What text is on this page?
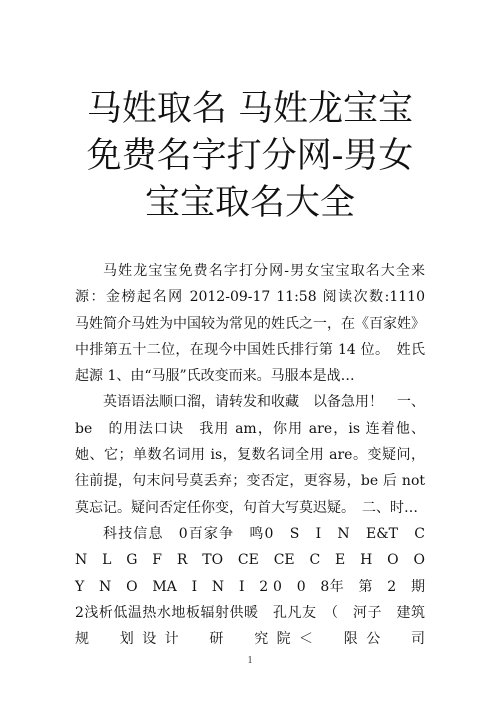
马姓取名 马姓龙宝宝免费名字打分网-男女宝宝取名大全

马姓龙宝宝免费名字打分网-男女宝宝取名大全来源：金榜起名网 2012-09-17 11:58 阅读次数:1110　马姓简介马姓为中国较为常见的姓氏之一，在《百家姓》中排第五十二位，在现今中国姓氏排行第 14 位。　姓氏起源 1、由“马服”氏改变而来。马服本是战…

英语语法顺口溜，请转发和收藏　以备急用！　一、be　的用法口诀　我用 am，你用 are，is 连着他、她、它；单数名词用 is，复数名词全用 are。变疑问，往前提，句末问号莫丢弃；变否定，更容易，be 后 not 莫忘记。疑问否定任你变，句首大写莫迟疑。　二、时…

科技信息　0百家争　鸣0　S　I　N　E&T　C　N　L　G　F　R　TO　CE　CE　C　E　H　O　O　Y　N　O　MA　I　N　I　2 0　0　8年　第　2　期　2浅析低温热水地板辐射供暖　孔凡友　（　河子　建筑规　划设计　研　究院＜　限公　司

1
